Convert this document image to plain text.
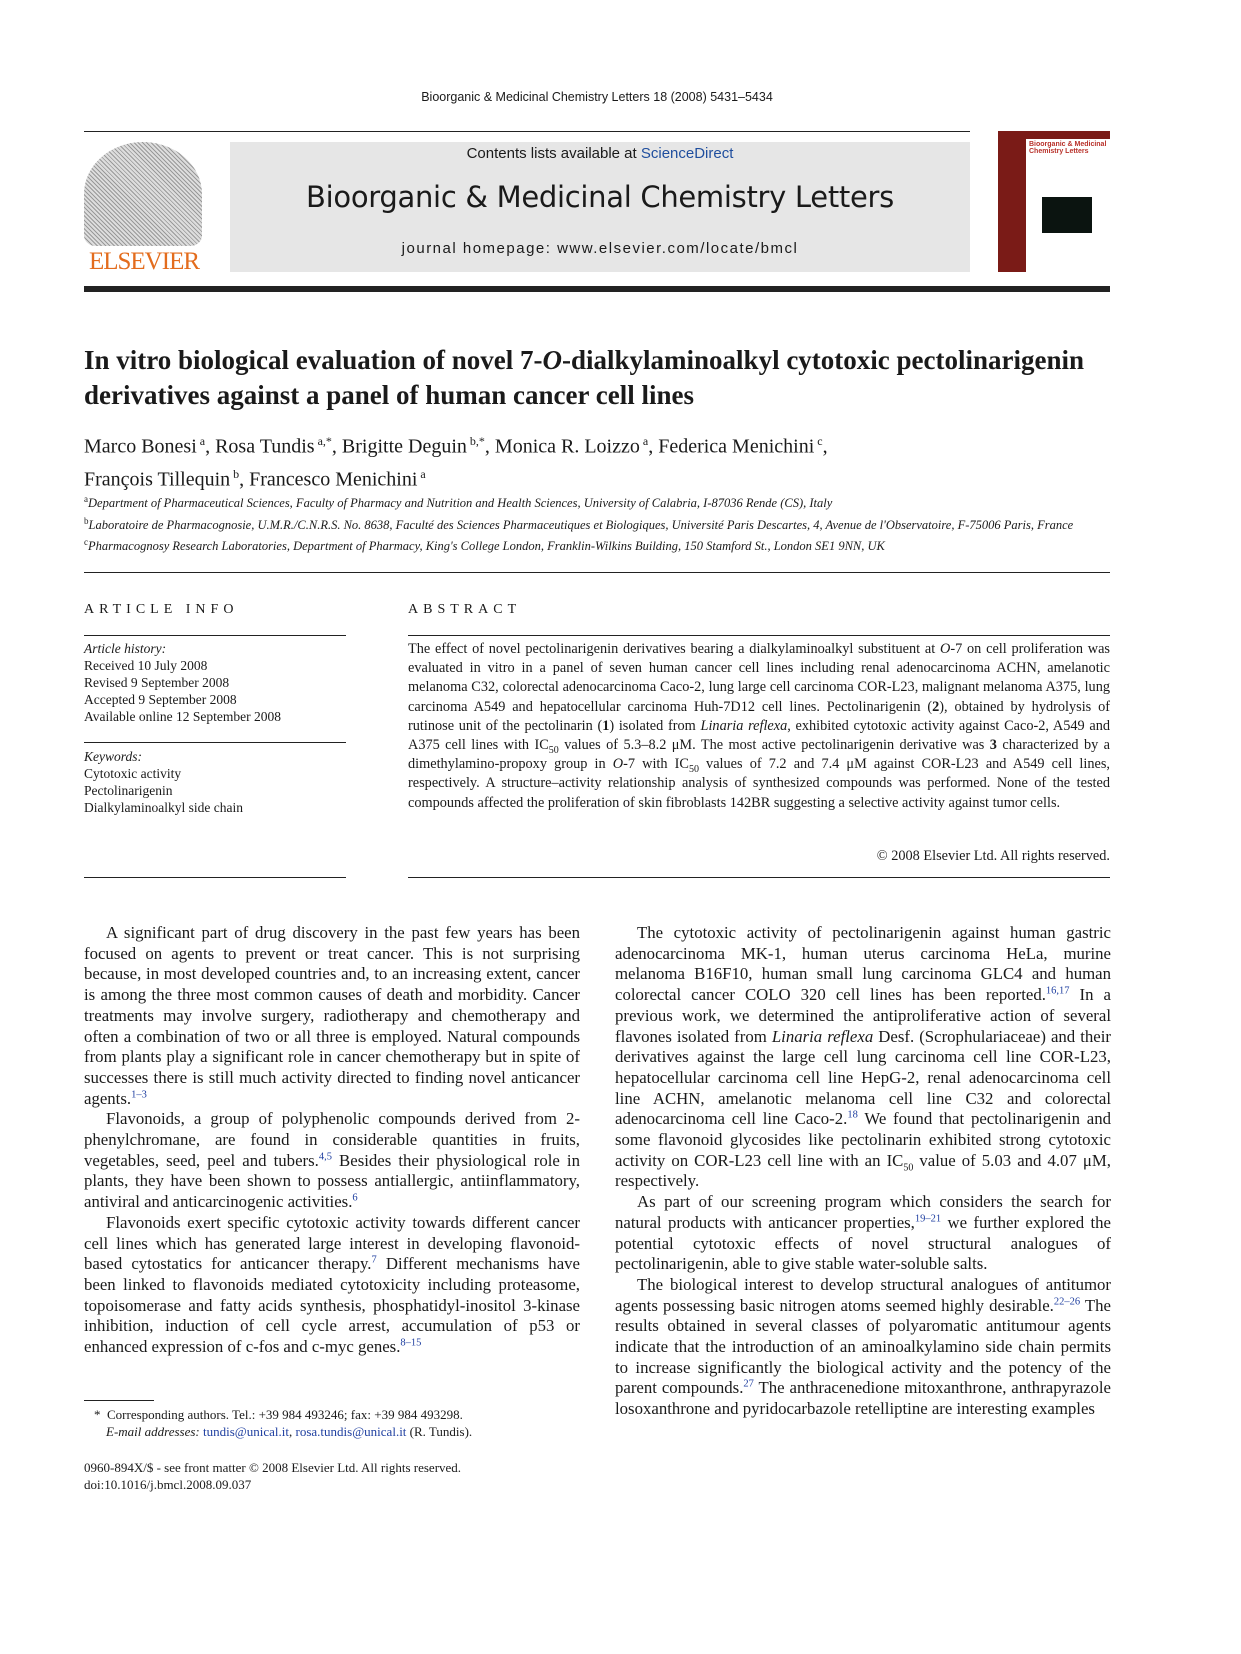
Bioorganic & Medicinal Chemistry Letters 18 (2008) 5431–5434
ELSEVIER
Contents lists available at ScienceDirect
Bioorganic & Medicinal Chemistry Letters
journal homepage: www.elsevier.com/locate/bmcl
Bioorganic & Medicinal Chemistry Letters
In vitro biological evaluation of novel 7-O-dialkylaminoalkyl cytotoxic pectolinarigenin derivatives against a panel of human cancer cell lines
Marco Bonesi $^a$, Rosa Tundis $^{a,*}$, Brigitte Deguin $^{b,*}$, Monica R. Loizzo $^a$, Federica Menichini $^c$,
François Tillequin $^b$, Francesco Menichini $^a$
$^a$Department of Pharmaceutical Sciences, Faculty of Pharmacy and Nutrition and Health Sciences, University of Calabria, I-87036 Rende (CS), Italy
$^b$Laboratoire de Pharmacognosie, U.M.R./C.N.R.S. No. 8638, Faculté des Sciences Pharmaceutiques et Biologiques, Université Paris Descartes, 4, Avenue de l'Observatoire, F-75006 Paris, France
$^c$Pharmacognosy Research Laboratories, Department of Pharmacy, King's College London, Franklin-Wilkins Building, 150 Stamford St., London SE1 9NN, UK
ARTICLE INFO
Article history:
Received 10 July 2008
Revised 9 September 2008
Accepted 9 September 2008
Available online 12 September 2008
Keywords:
Cytotoxic activity
Pectolinarigenin
Dialkylaminoalkyl side chain
ABSTRACT
The effect of novel pectolinarigenin derivatives bearing a dialkylaminoalkyl substituent at O-7 on cell proliferation was evaluated in vitro in a panel of seven human cancer cell lines including renal adenocarcinoma ACHN, amelanotic melanoma C32, colorectal adenocarcinoma Caco-2, lung large cell carcinoma COR-L23, malignant melanoma A375, lung carcinoma A549 and hepatocellular carcinoma Huh-7D12 cell lines. Pectolinarigenin (2), obtained by hydrolysis of rutinose unit of the pectolinarin (1) isolated from Linaria reflexa, exhibited cytotoxic activity against Caco-2, A549 and A375 cell lines with $IC_{50}$ values of 5.3–8.2 μM. The most active pectolinarigenin derivative was 3 characterized by a dimethylamino-propoxy group in O-7 with $IC_{50}$ values of 7.2 and 7.4 μM against COR-L23 and A549 cell lines, respectively. A structure–activity relationship analysis of synthesized compounds was performed. None of the tested compounds affected the proliferation of skin fibroblasts 142BR suggesting a selective activity against tumor cells.
© 2008 Elsevier Ltd. All rights reserved.

A significant part of drug discovery in the past few years has been focused on agents to prevent or treat cancer. This is not surprising because, in most developed countries and, to an increasing extent, cancer is among the three most common causes of death and morbidity. Cancer treatments may involve surgery, radiotherapy and chemotherapy and often a combination of two or all three is employed. Natural compounds from plants play a significant role in cancer chemotherapy but in spite of successes there is still much activity directed to finding novel anticancer agents.$^{1-3}$

Flavonoids, a group of polyphenolic compounds derived from 2-phenylchromane, are found in considerable quantities in fruits, vegetables, seed, peel and tubers.$^{4,5}$ Besides their physiological role in plants, they have been shown to possess antiallergic, antiinflammatory, antiviral and anticarcinogenic activities.$^6$

Flavonoids exert specific cytotoxic activity towards different cancer cell lines which has generated large interest in developing flavonoid-based cytostatics for anticancer therapy.$^7$ Different mechanisms have been linked to flavonoids mediated cytotoxicity including proteasome, topoisomerase and fatty acids synthesis, phosphatidyl-inositol 3-kinase inhibition, induction of cell cycle arrest, accumulation of p53 or enhanced expression of c-fos and c-myc genes.$^{8-15}$

The cytotoxic activity of pectolinarigenin against human gastric adenocarcinoma MK-1, human uterus carcinoma HeLa, murine melanoma B16F10, human small lung carcinoma GLC4 and human colorectal cancer COLO 320 cell lines has been reported.$^{16,17}$ In a previous work, we determined the antiproliferative action of several flavones isolated from Linaria reflexa Desf. (Scrophulariaceae) and their derivatives against the large cell lung carcinoma cell line COR-L23, hepatocellular carcinoma cell line HepG-2, renal adenocarcinoma cell line ACHN, amelanotic melanoma cell line C32 and colorectal adenocarcinoma cell line Caco-2.18 We found that pectolinarigenin and some flavonoid glycosides like pectolinarin exhibited strong cytotoxic activity on COR-L23 cell line with an $IC_{50}$ value of 5.03 and 4.07 μM, respectively.

As part of our screening program which considers the search for natural products with anticancer properties,$^{19-21}$ we further explored the potential cytotoxic effects of novel structural analogues of pectolinarigenin, able to give stable water-soluble salts.

The biological interest to develop structural analogues of antitumor agents possessing basic nitrogen atoms seemed highly desirable.$^{22-26}$ The results obtained in several classes of polyaromatic antitumour agents indicate that the introduction of an aminoalkylamino side chain permits to increase significantly the biological activity and the potency of the parent compounds.$^{27}$ The anthracenedione mitoxanthrone, anthrapyrazole losoxanthrone and pyridocarbazole retelliptine are interesting examples

* Corresponding authors. Tel.: +39 984 493246; fax: +39 984 493298.
E-mail addresses: tundis@unical.it, rosa.tundis@unical.it (R. Tundis).
0960-894X/$ - see front matter © 2008 Elsevier Ltd. All rights reserved.
doi:10.1016/j.bmcl.2008.09.037
